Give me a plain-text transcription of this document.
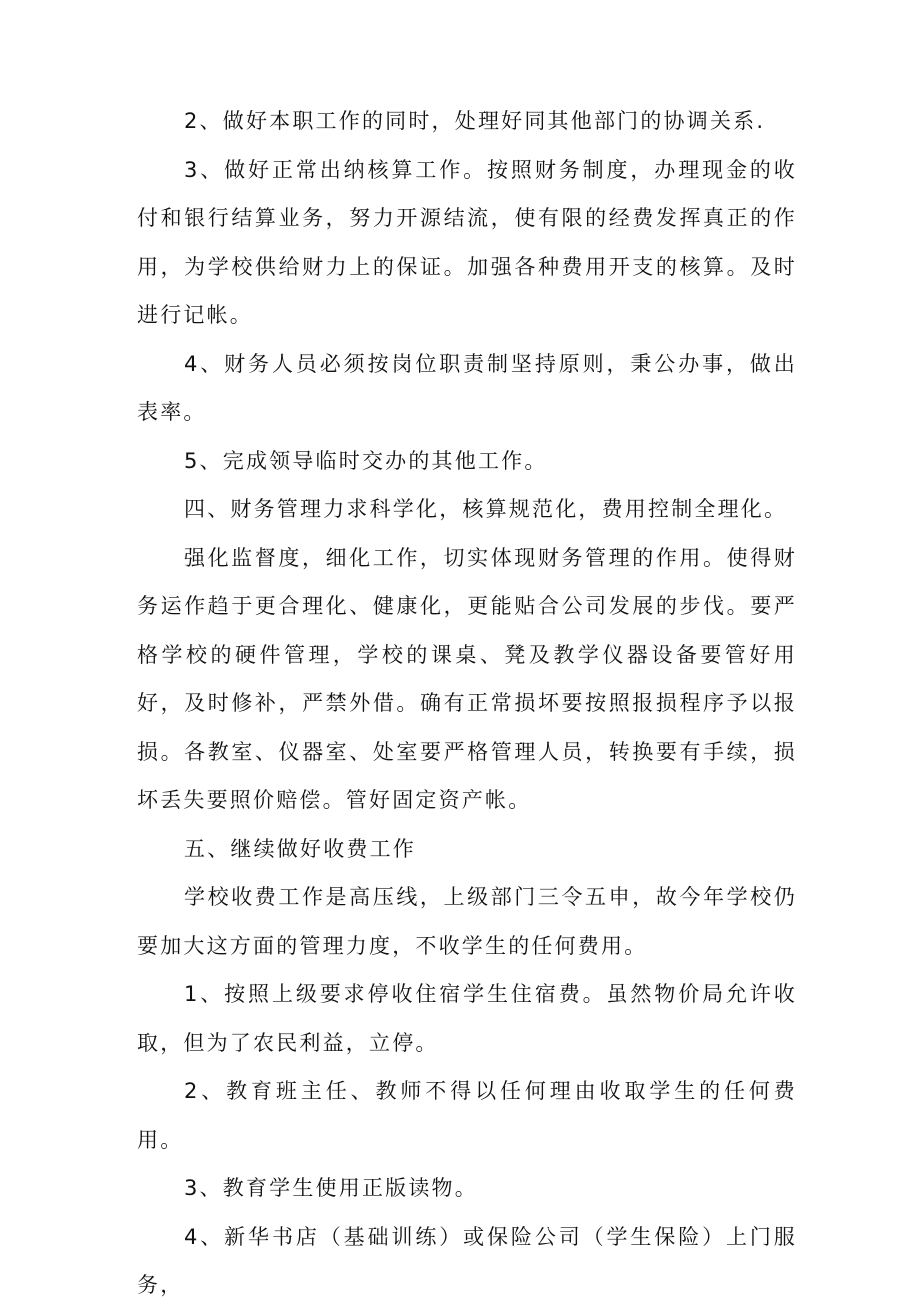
2、做好本职工作的同时，处理好同其他部门的协调关系.

3、做好正常出纳核算工作。按照财务制度，办理现金的收付和银行结算业务，努力开源结流，使有限的经费发挥真正的作用，为学校供给财力上的保证。加强各种费用开支的核算。及时进行记帐。

4、财务人员必须按岗位职责制坚持原则，秉公办事，做出表率。

5、完成领导临时交办的其他工作。

四、财务管理力求科学化，核算规范化，费用控制全理化。

强化监督度，细化工作，切实体现财务管理的作用。使得财务运作趋于更合理化、健康化，更能贴合公司发展的步伐。要严格学校的硬件管理，学校的课桌、凳及教学仪器设备要管好用好，及时修补，严禁外借。确有正常损坏要按照报损程序予以报损。各教室、仪器室、处室要严格管理人员，转换要有手续，损坏丢失要照价赔偿。管好固定资产帐。

五、继续做好收费工作

学校收费工作是高压线，上级部门三令五申，故今年学校仍要加大这方面的管理力度，不收学生的任何费用。

1、按照上级要求停收住宿学生住宿费。虽然物价局允许收取，但为了农民利益，立停。

2、教育班主任、教师不得以任何理由收取学生的任何费用。

3、教育学生使用正版读物。

4、新华书店（基础训练）或保险公司（学生保险）上门服务，
